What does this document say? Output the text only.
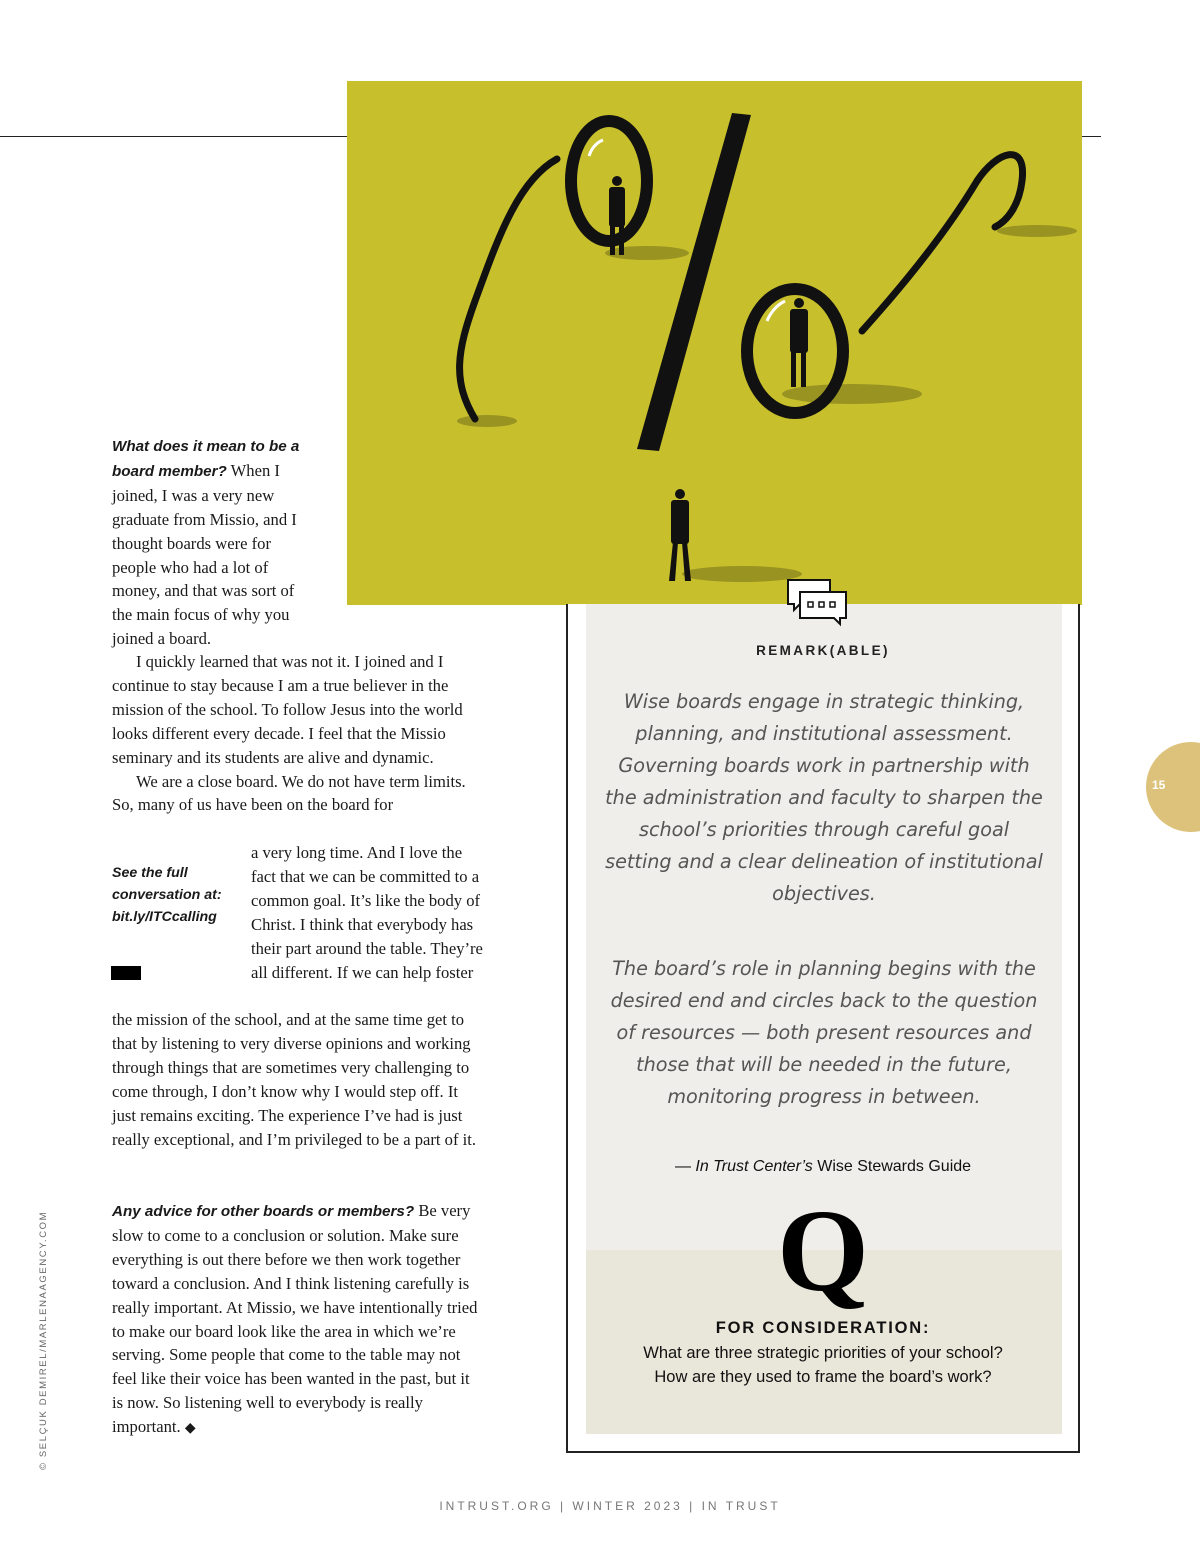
What does it mean to be a board member? When I joined, I was a very new graduate from Missio, and I thought boards were for people who had a lot of money, and that was sort of the main focus of why you joined a board.

I quickly learned that was not it. I joined and I continue to stay because I am a true believer in the mission of the school. To follow Jesus into the world looks different every decade. I feel that the Missio seminary and its students are alive and dynamic.

We are a close board. We do not have term limits. So, many of us have been on the board for

a very long time. And I love the fact that we can be committed to a common goal. It’s like the body of Christ. I think that everybody has their part around the table. They’re all different. If we can help foster

See the full conversation at: bit.ly/ITCcalling

the mission of the school, and at the same time get to that by listening to very diverse opinions and working through things that are sometimes very challenging to come through, I don’t know why I would step off. It just remains exciting. The experience I’ve had is just really exceptional, and I’m privileged to be a part of it.

Any advice for other boards or members? Be very slow to come to a conclusion or solution. Make sure everything is out there before we then work together toward a conclusion. And I think listening carefully is really important. At Missio, we have intentionally tried to make our board look like the area in which we’re serving. Some people that come to the table may not feel like their voice has been wanted in the past, but it is now. So listening well to everybody is really important. ◆

REMARK(ABLE)
Wise boards engage in strategic thinking, planning, and institutional assessment. Governing boards work in partnership with the administration and faculty to sharpen the school’s priorities through careful goal setting and a clear delineation of institutional objectives.
The board’s role in planning begins with the desired end and circles back to the question of resources — both present resources and those that will be needed in the future, monitoring progress in between.
— In Trust Center’s Wise Stewards Guide
Q
FOR CONSIDERATION:
What are three strategic priorities of your school? How are they used to frame the board’s work?
15
© SELÇUK DEMIREL/MARLENAAGENCY.COM
INTRUST.ORG | WINTER 2023 | IN TRUST
